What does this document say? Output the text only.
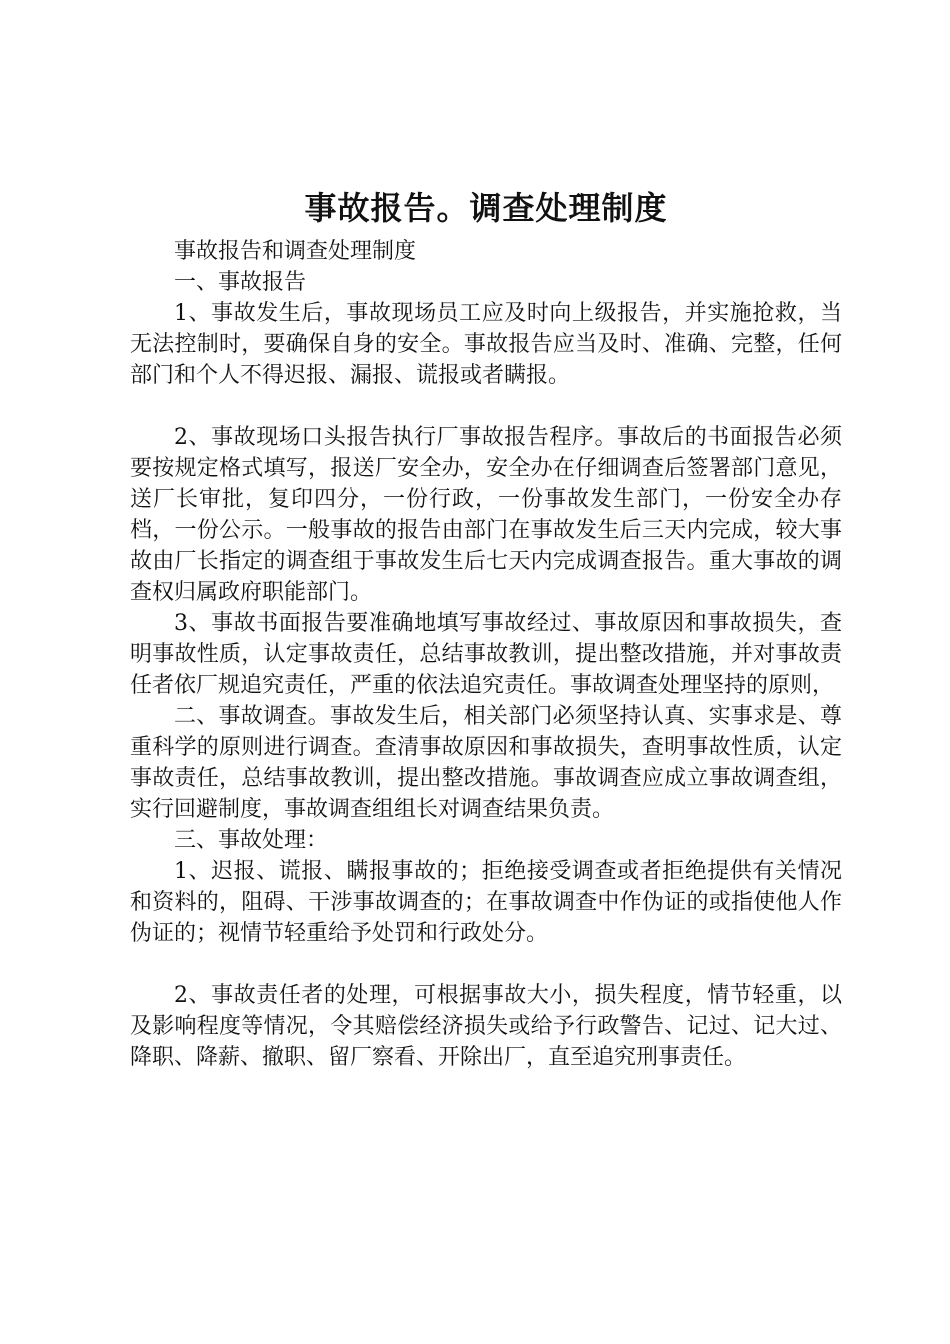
事故报告。调查处理制度

事故报告和调查处理制度

一、事故报告

1、事故发生后，事故现场员工应及时向上级报告，并实施抢救，当无法控制时，要确保自身的安全。事故报告应当及时、准确、完整，任何部门和个人不得迟报、漏报、谎报或者瞒报。

2、事故现场口头报告执行厂事故报告程序。事故后的书面报告必须要按规定格式填写，报送厂安全办，安全办在仔细调查后签署部门意见，送厂长审批，复印四分，一份行政，一份事故发生部门，一份安全办存档，一份公示。一般事故的报告由部门在事故发生后三天内完成，较大事故由厂长指定的调查组于事故发生后七天内完成调查报告。重大事故的调查权归属政府职能部门。

3、事故书面报告要准确地填写事故经过、事故原因和事故损失，查明事故性质，认定事故责任，总结事故教训，提出整改措施，并对事故责任者依厂规追究责任，严重的依法追究责任。事故调查处理坚持的原则，

二、事故调查。事故发生后，相关部门必须坚持认真、实事求是、尊重科学的原则进行调查。查清事故原因和事故损失，查明事故性质，认定事故责任，总结事故教训，提出整改措施。事故调查应成立事故调查组，实行回避制度，事故调查组组长对调查结果负责。

三、事故处理：

1、迟报、谎报、瞒报事故的；拒绝接受调查或者拒绝提供有关情况和资料的，阻碍、干涉事故调查的；在事故调查中作伪证的或指使他人作伪证的；视情节轻重给予处罚和行政处分。

2、事故责任者的处理，可根据事故大小，损失程度，情节轻重，以及影响程度等情况，令其赔偿经济损失或给予行政警告、记过、记大过、降职、降薪、撤职、留厂察看、开除出厂，直至追究刑事责任。
